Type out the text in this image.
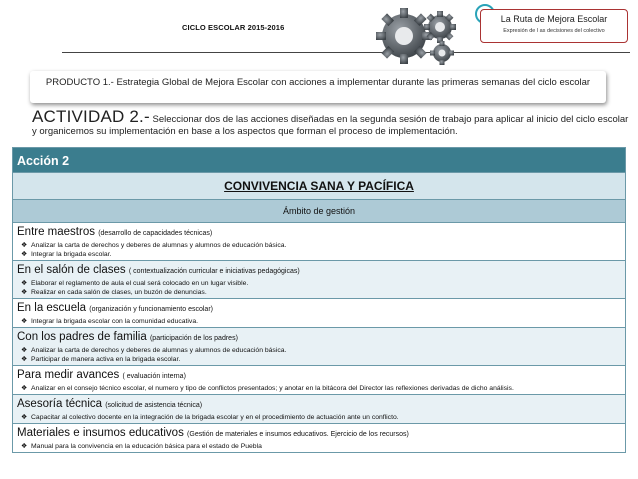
CICLO ESCOLAR 2015-2016
La Ruta de Mejora Escolar
Expresión de l as decisiones del colectivo
PRODUCTO 1.- Estrategia Global de Mejora Escolar con acciones a implementar durante las primeras semanas del ciclo escolar
ACTIVIDAD 2.- Seleccionar dos de las acciones diseñadas en la segunda sesión de trabajo para aplicar al inicio del ciclo escolar y organicemos su implementación en base a los aspectos que forman el proceso de implementación.
Acción 2
CONVIVENCIA SANA Y PACÍFICA
Ámbito de gestión
Entre maestros (desarrollo de capacidades técnicas)
❖ Analizar la carta de derechos y deberes de alumnas y alumnos de educación básica.
❖ Integrar la brigada escolar.
En el salón de clases ( contextualización curricular e iniciativas pedagógicas)
❖ Elaborar el reglamento de aula el cual será colocado en un lugar visible.
❖ Realizar en cada salón de clases, un buzón de denuncias.
En la escuela (organización y funcionamiento escolar)
❖ Integrar la brigada escolar con la comunidad educativa.
Con los padres de familia (participación de los padres)
❖ Analizar la carta de derechos y deberes de alumnas y alumnos de educación básica.
❖ Participar de manera activa en la brigada escolar.
Para medir avances ( evaluación interna)
❖ Analizar en el consejo técnico escolar, el numero y tipo de conflictos presentados; y anotar en la bitácora del Director las reflexiones derivadas de dicho análisis.
Asesoría técnica (solicitud de asistencia técnica)
❖ Capacitar al colectivo docente en la integración de la brigada escolar y en el procedimiento de actuación ante un conflicto.
Materiales e insumos educativos (Gestión de materiales e insumos educativos. Ejercicio de los recursos)
❖ Manual para la convivencia en la educación básica para el estado de Puebla
